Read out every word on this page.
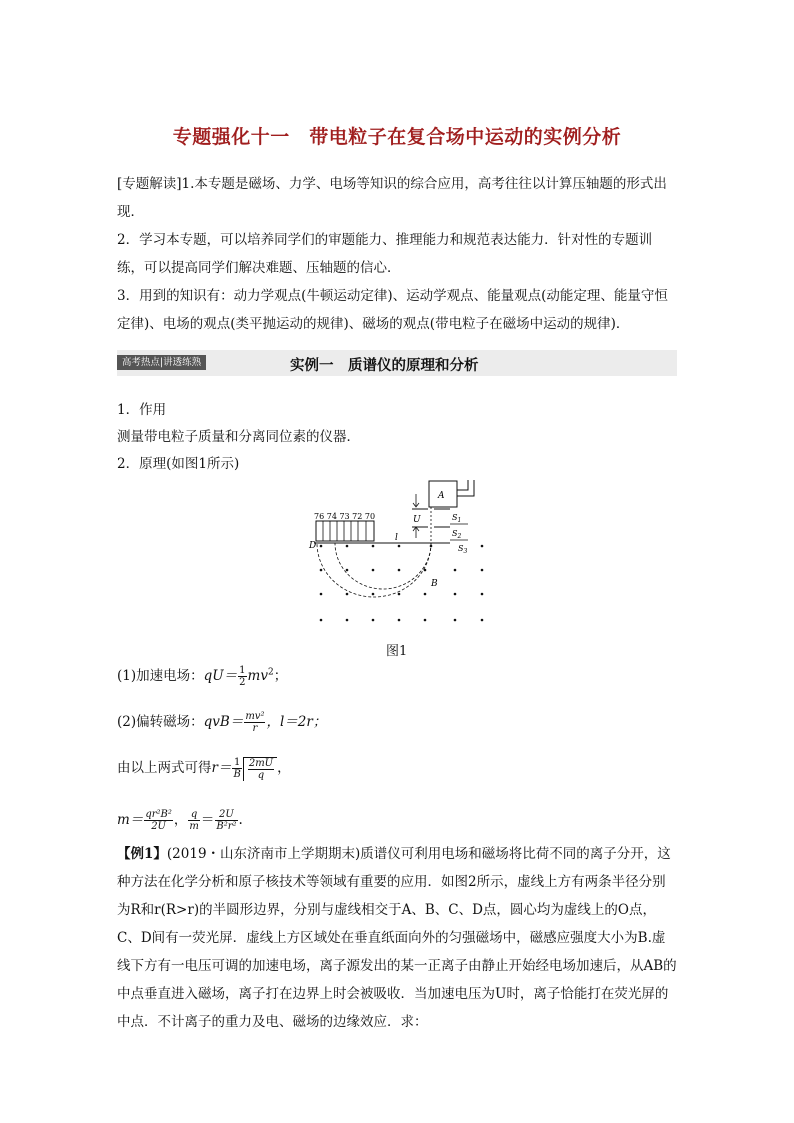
专题强化十一　带电粒子在复合场中运动的实例分析
[专题解读]1.本专题是磁场、力学、电场等知识的综合应用，高考往往以计算压轴题的形式出现．
2．学习本专题，可以培养同学们的审题能力、推理能力和规范表达能力．针对性的专题训练，可以提高同学们解决难题、压轴题的信心．
3．用到的知识有：动力学观点(牛顿运动定律)、运动学观点、能量观点(动能定理、能量守恒定律)、电场的观点(类平抛运动的规律)、磁场的观点(带电粒子在磁场中运动的规律)．
高考热点|讲透练熟	实例一　质谱仪的原理和分析
1．作用
测量带电粒子质量和分离同位素的仪器．
2．原理(如图1所示)
76 74 73 72 70
D
l
A
U	$S_1$
$S_2$
$S_3$
B
图1
(1)加速电场：$qU= \frac{1}{2} mv^2$；
(2)偏转磁场：$qvB= \frac{\text{mv²}}{r}$ ，l＝2r；
由以上两式可得$r= \frac{1}{B} \frac{2mU}{q}$ ，
$m= \frac{\text{qr²B²}}{2U}$ ， $\frac{q}{m} = \frac{2U}{\text{B²r²}}$ .
【例1】(2019・山东济南市上学期期末)质谱仪可利用电场和磁场将比荷不同的离子分开，这种方法在化学分析和原子核技术等领域有重要的应用．如图2所示，虚线上方有两条半径分别为R和r(R>r)的半圆形边界，分别与虚线相交于A、B、C、D点，圆心均为虚线上的O点，C、D间有一荧光屏．虚线上方区域处在垂直纸面向外的匀强磁场中，磁感应强度大小为B.虚线下方有一电压可调的加速电场，离子源发出的某一正离子由静止开始经电场加速后，从AB的中点垂直进入磁场，离子打在边界上时会被吸收．当加速电压为U时，离子恰能打在荧光屏的中点．不计离子的重力及电、磁场的边缘效应．求：
